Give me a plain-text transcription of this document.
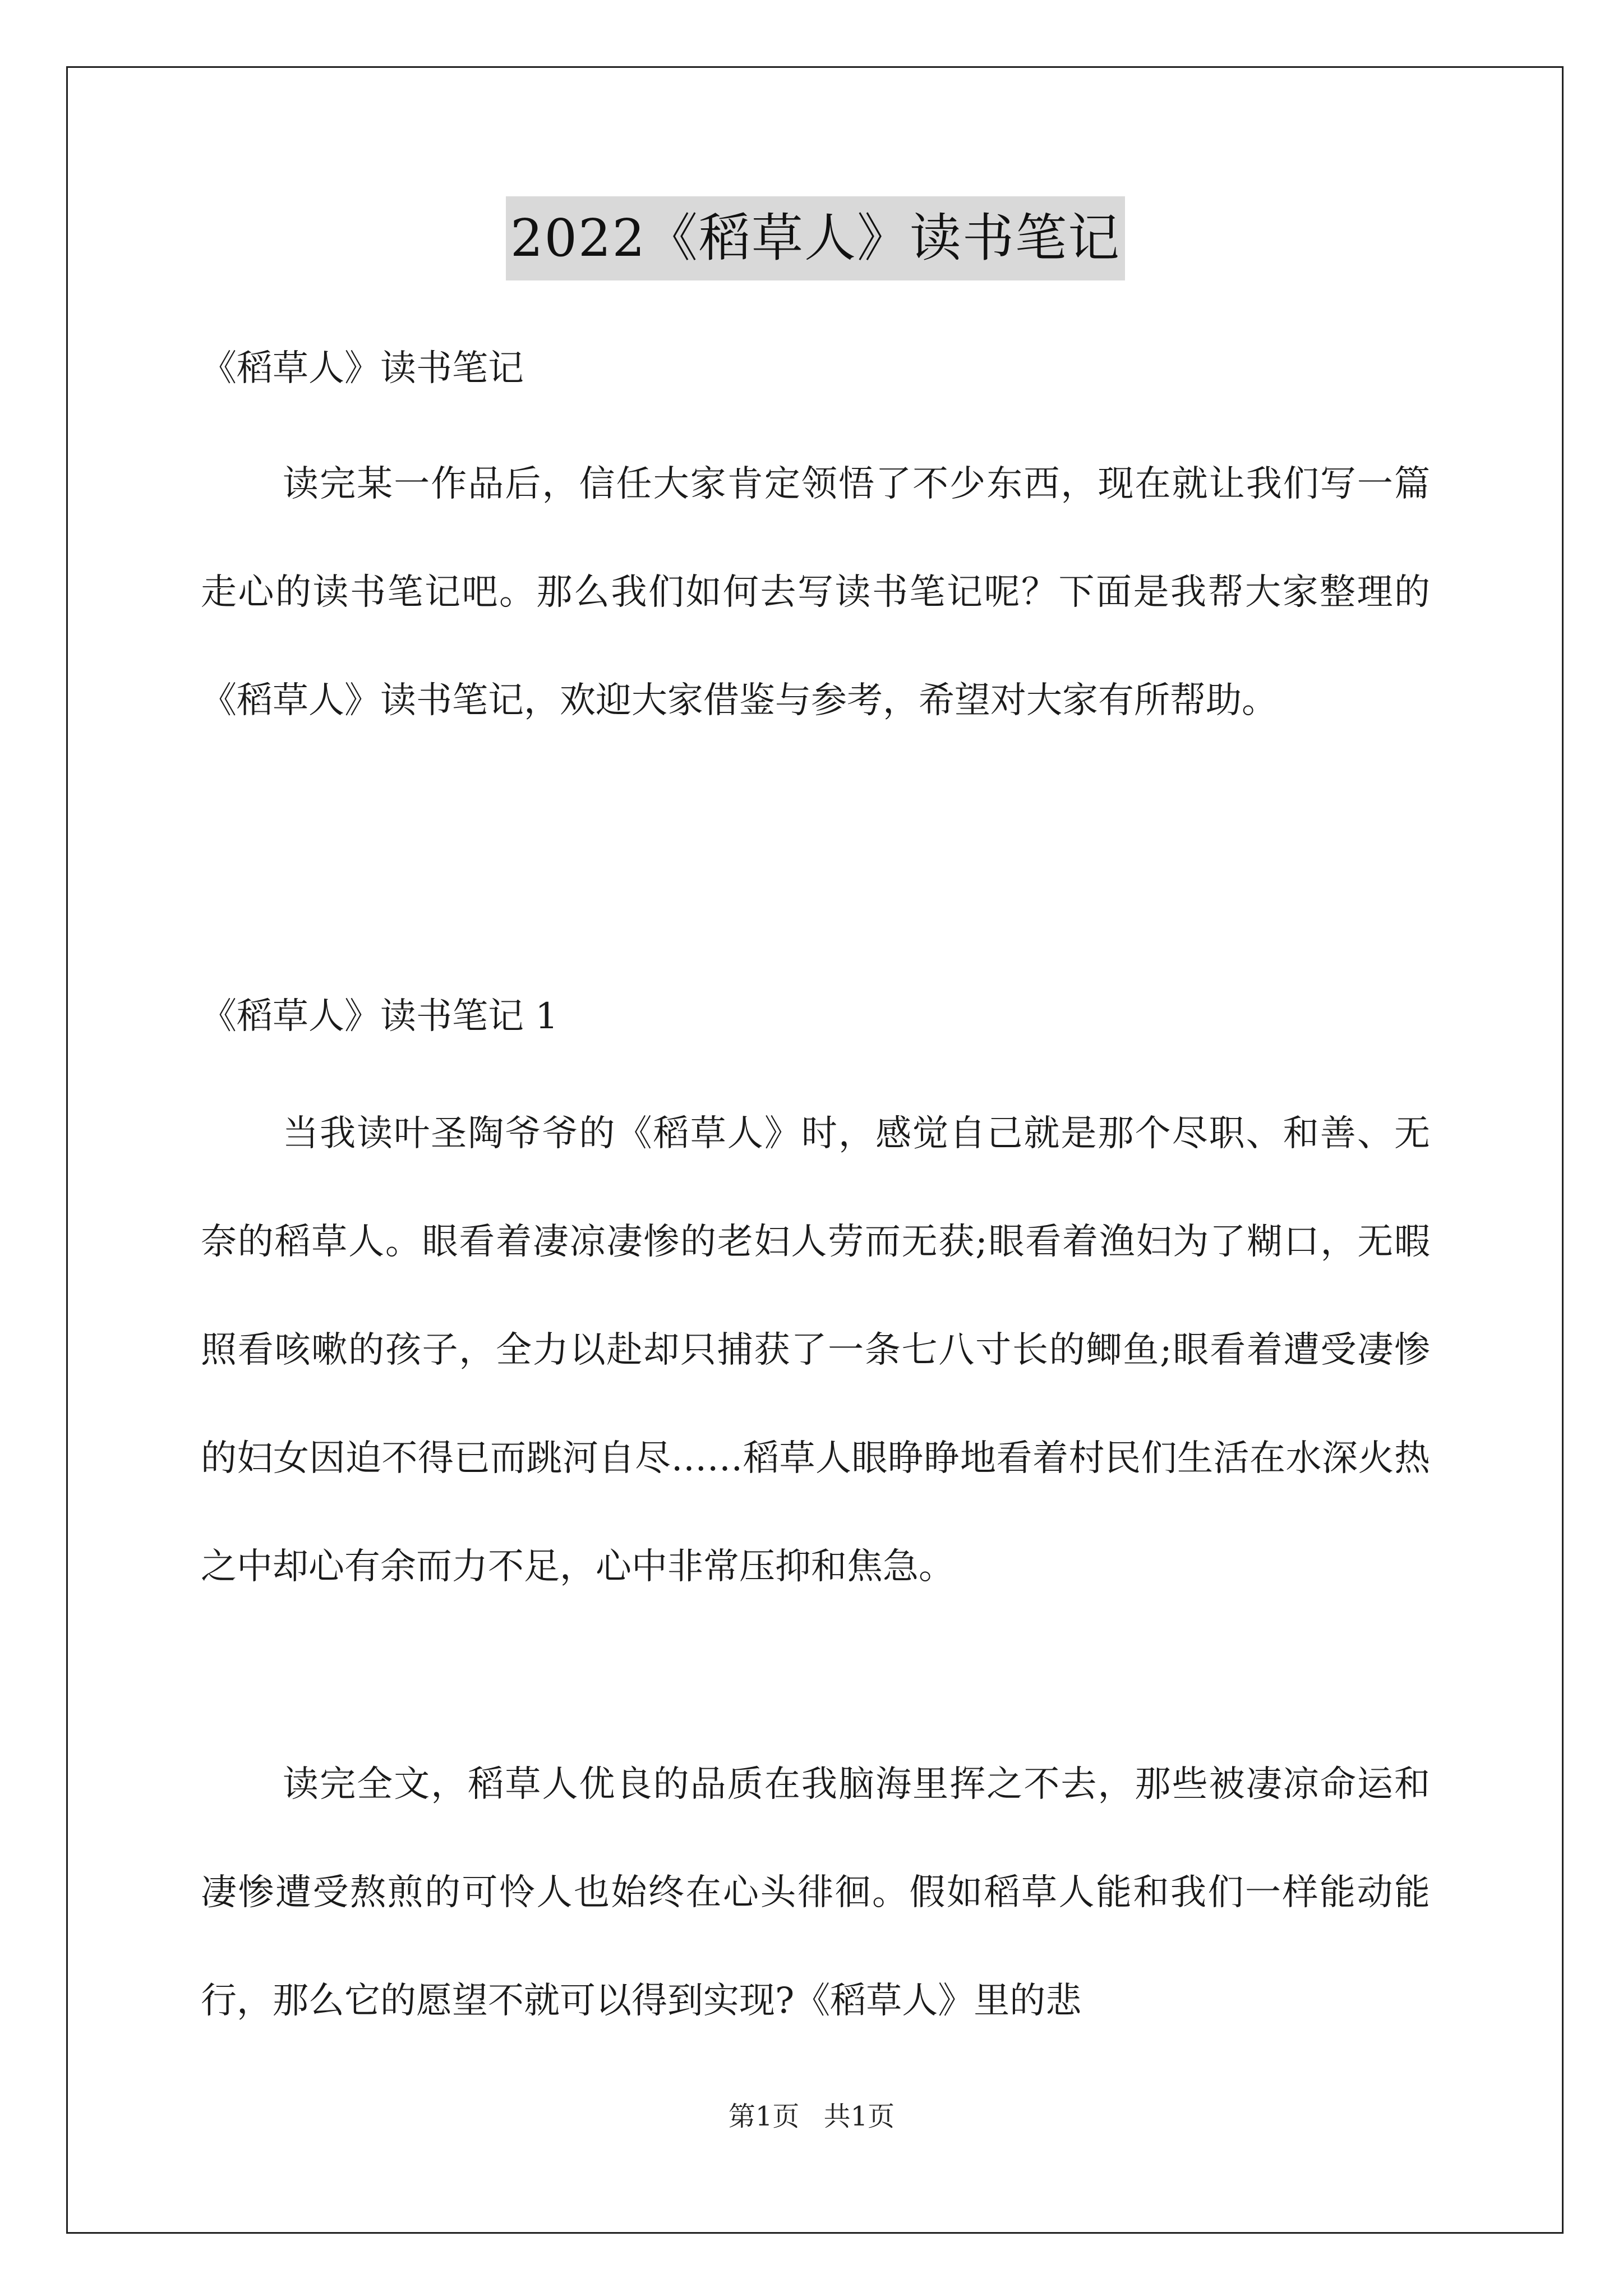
2022《稻草人》读书笔记
《稻草人》读书笔记

读完某一作品后，信任大家肯定领悟了不少东西，现在就让我们写一篇走心的读书笔记吧。那么我们如何去写读书笔记呢？下面是我帮大家整理的《稻草人》读书笔记，欢迎大家借鉴与参考，希望对大家有所帮助。

《稻草人》读书笔记 1

当我读叶圣陶爷爷的《稻草人》时，感觉自己就是那个尽职、和善、无奈的稻草人。眼看着凄凉凄惨的老妇人劳而无获;眼看着渔妇为了糊口，无暇照看咳嗽的孩子，全力以赴却只捕获了一条七八寸长的鲫鱼;眼看着遭受凄惨的妇女因迫不得已而跳河自尽……稻草人眼睁睁地看着村民们生活在水深火热之中却心有余而力不足，心中非常压抑和焦急。

读完全文，稻草人优良的品质在我脑海里挥之不去，那些被凄凉命运和凄惨遭受熬煎的可怜人也始终在心头徘徊。假如稻草人能和我们一样能动能行，那么它的愿望不就可以得到实现?《稻草人》里的悲

第1页 共1页
